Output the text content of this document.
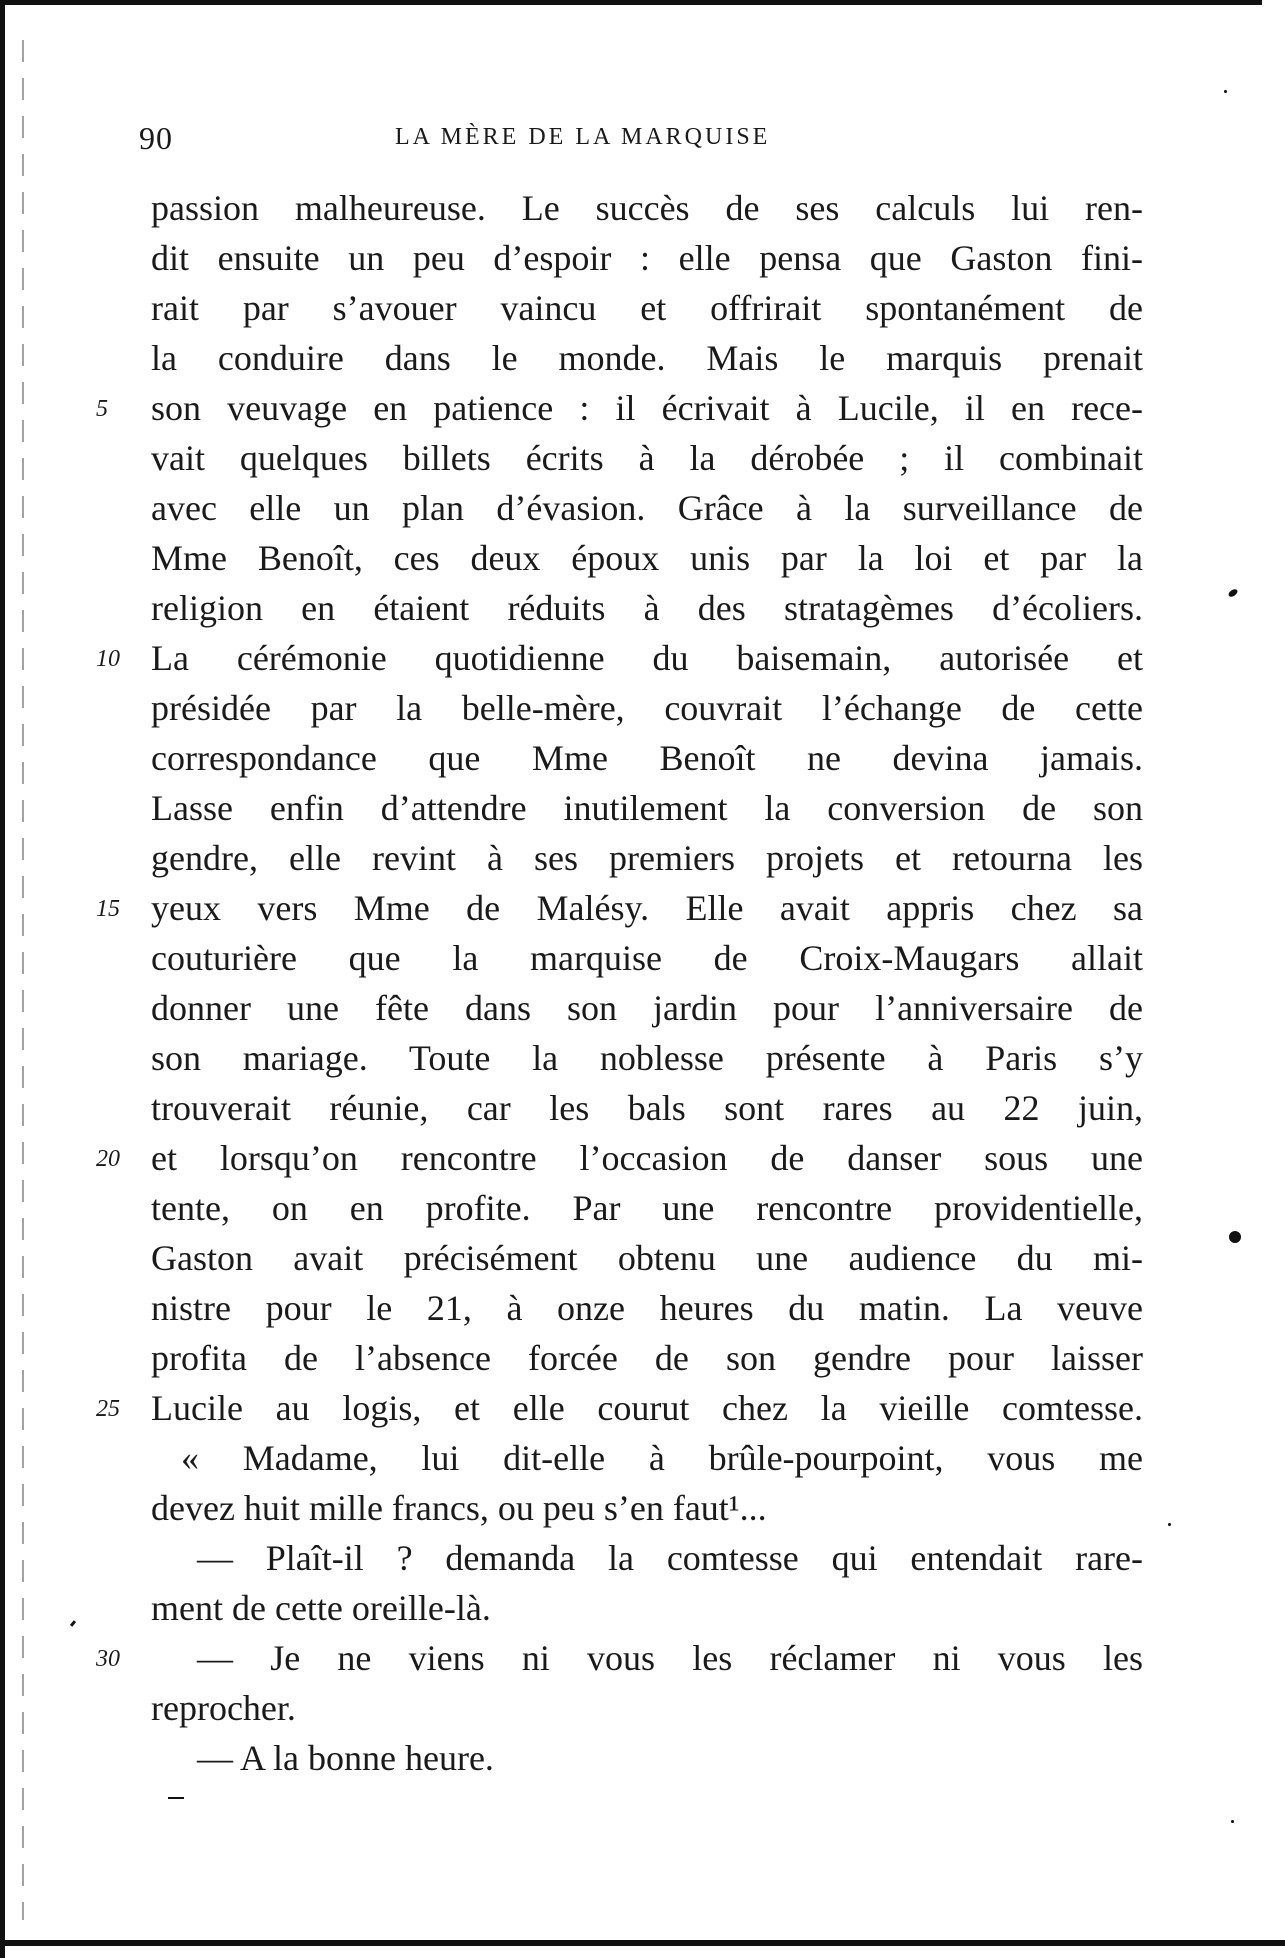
90	LA MÈRE DE LA MARQUISE
passion malheureuse. Le succès de ses calculs lui ren-
dit ensuite un peu d’espoir : elle pensa que Gaston fini-
rait par s’avouer vaincu et offrirait spontanément de
la conduire dans le monde. Mais le marquis prenait
5	son veuvage en patience : il écrivait à Lucile, il en rece-
vait quelques billets écrits à la dérobée ; il combinait
avec elle un plan d’évasion. Grâce à la surveillance de
Mme Benoît, ces deux époux unis par la loi et par la
religion en étaient réduits à des stratagèmes d’écoliers.
10 La cérémonie quotidienne du baisemain, autorisée et
présidée par la belle-mère, couvrait l’échange de cette
correspondance que Mme Benoît ne devina jamais.
Lasse enfin d’attendre inutilement la conversion de son
gendre, elle revint à ses premiers projets et retourna les
15 yeux vers Mme de Malésy. Elle avait appris chez sa
couturière que la marquise de Croix-Maugars allait
donner une fête dans son jardin pour l’anniversaire de
son mariage. Toute la noblesse présente à Paris s’y
trouverait réunie, car les bals sont rares au 22 juin,
20 et lorsqu’on rencontre l’occasion de danser sous une
tente, on en profite. Par une rencontre providentielle,
Gaston avait précisément obtenu une audience du mi-
nistre pour le 21, à onze heures du matin. La veuve
profita de l’absence forcée de son gendre pour laisser
25 Lucile au logis, et elle courut chez la vieille comtesse.
« Madame, lui dit-elle à brûle-pourpoint, vous me
devez huit mille francs, ou peu s’en faut¹...
— Plaît-il ? demanda la comtesse qui entendait rare-
ment de cette oreille-là.
30	— Je ne viens ni vous les réclamer ni vous les
reprocher.
— A la bonne heure.
